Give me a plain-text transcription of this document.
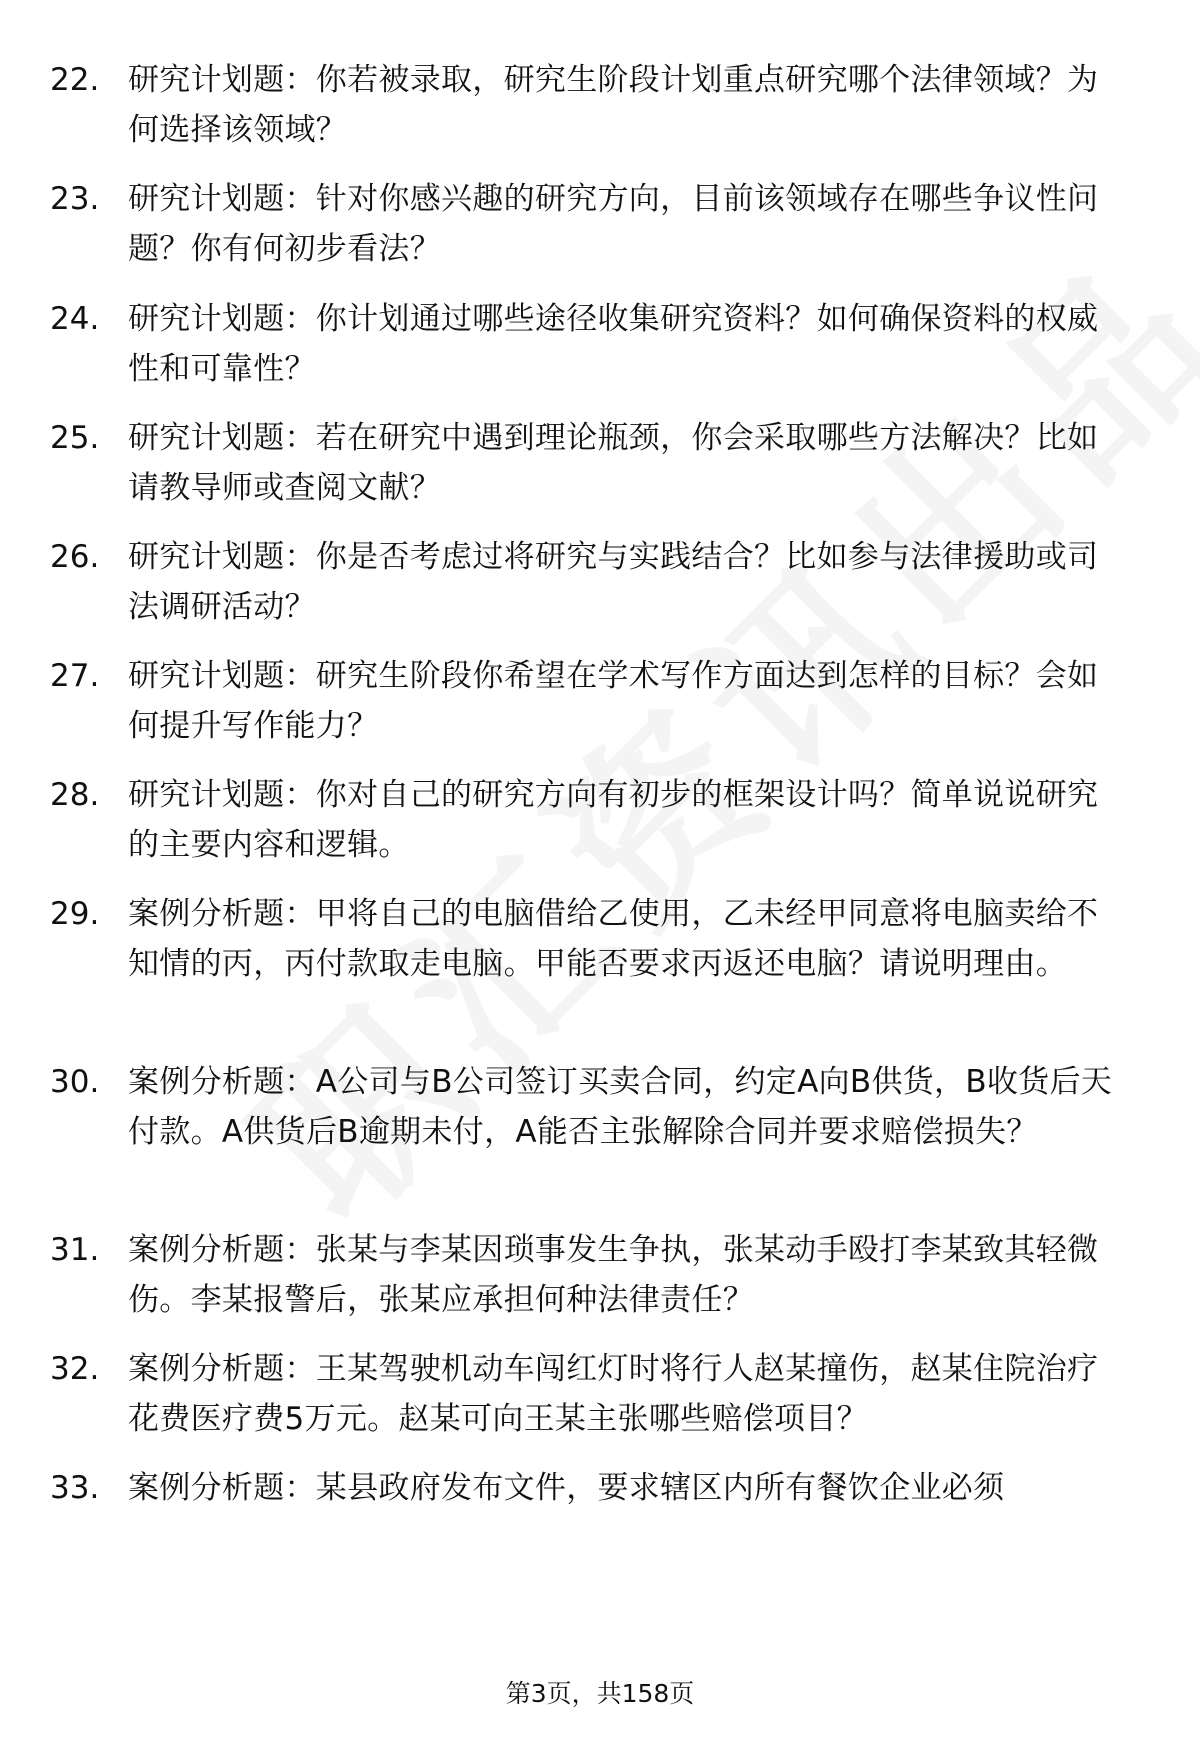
22. 研究计划题：你若被录取，研究生阶段计划重点研究哪个法律领域？为何选择该领域？
23. 研究计划题：针对你感兴趣的研究方向，目前该领域存在哪些争议性问题？你有何初步看法？
24. 研究计划题：你计划通过哪些途径收集研究资料？如何确保资料的权威性和可靠性？
25. 研究计划题：若在研究中遇到理论瓶颈，你会采取哪些方法解决？比如请教导师或查阅文献？
26. 研究计划题：你是否考虑过将研究与实践结合？比如参与法律援助或司法调研活动？
27. 研究计划题：研究生阶段你希望在学术写作方面达到怎样的目标？会如何提升写作能力？
28. 研究计划题：你对自己的研究方向有初步的框架设计吗？简单说说研究的主要内容和逻辑。
29. 案例分析题：甲将自己的电脑借给乙使用，乙未经甲同意将电脑卖给不知情的丙，丙付款取走电脑。甲能否要求丙返还电脑？请说明理由。
30. 案例分析题：A公司与B公司签订买卖合同，约定A向B供货，B收货后天付款。A供货后B逾期未付，A能否主张解除合同并要求赔偿损失？
31. 案例分析题：张某与李某因琐事发生争执，张某动手殴打李某致其轻微伤。李某报警后，张某应承担何种法律责任？
32. 案例分析题：王某驾驶机动车闯红灯时将行人赵某撞伤，赵某住院治疗花费医疗费5万元。赵某可向王某主张哪些赔偿项目？
33. 案例分析题：某县政府发布文件，要求辖区内所有餐饮企业必须
第3页，共158页
